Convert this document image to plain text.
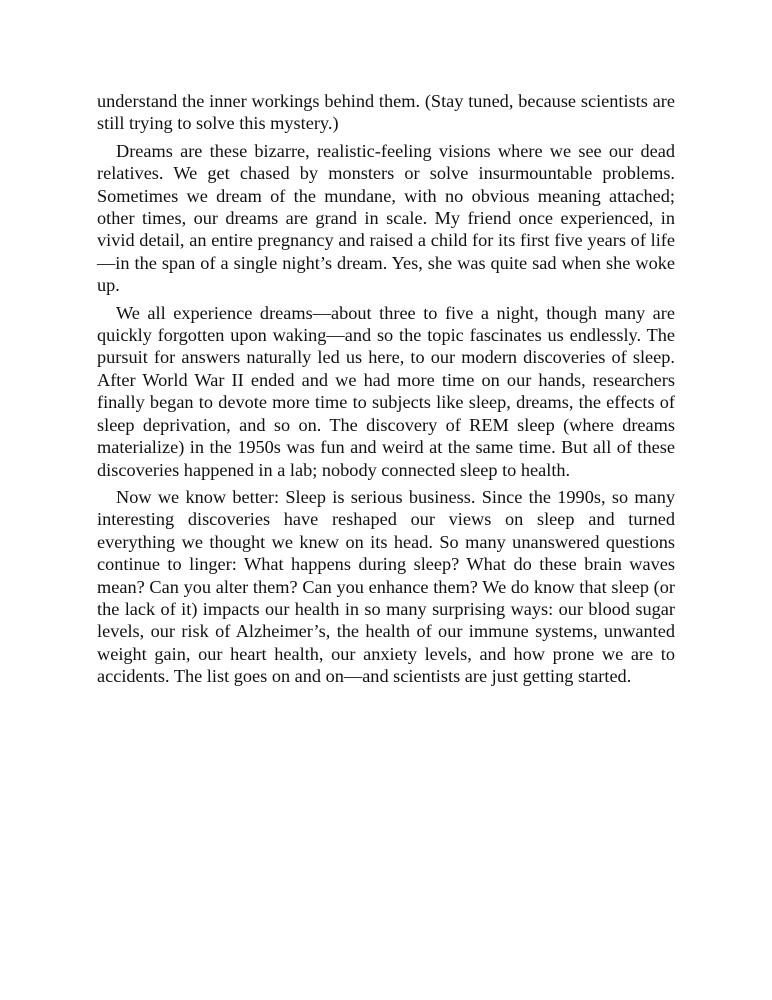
understand the inner workings behind them. (Stay tuned, because scientists are still trying to solve this mystery.)

Dreams are these bizarre, realistic-feeling visions where we see our dead relatives. We get chased by monsters or solve insurmountable problems. Sometimes we dream of the mundane, with no obvious meaning attached; other times, our dreams are grand in scale. My friend once experienced, in vivid detail, an entire pregnancy and raised a child for its first five years of life—in the span of a single night’s dream. Yes, she was quite sad when she woke up.

We all experience dreams—about three to five a night, though many are quickly forgotten upon waking—and so the topic fascinates us endlessly. The pursuit for answers naturally led us here, to our modern discoveries of sleep. After World War II ended and we had more time on our hands, researchers finally began to devote more time to subjects like sleep, dreams, the effects of sleep deprivation, and so on. The discovery of REM sleep (where dreams materialize) in the 1950s was fun and weird at the same time. But all of these discoveries happened in a lab; nobody connected sleep to health.

Now we know better: Sleep is serious business. Since the 1990s, so many interesting discoveries have reshaped our views on sleep and turned everything we thought we knew on its head. So many unanswered questions continue to linger: What happens during sleep? What do these brain waves mean? Can you alter them? Can you enhance them? We do know that sleep (or the lack of it) impacts our health in so many surprising ways: our blood sugar levels, our risk of Alzheimer’s, the health of our immune systems, unwanted weight gain, our heart health, our anxiety levels, and how prone we are to accidents. The list goes on and on—and scientists are just getting started.
